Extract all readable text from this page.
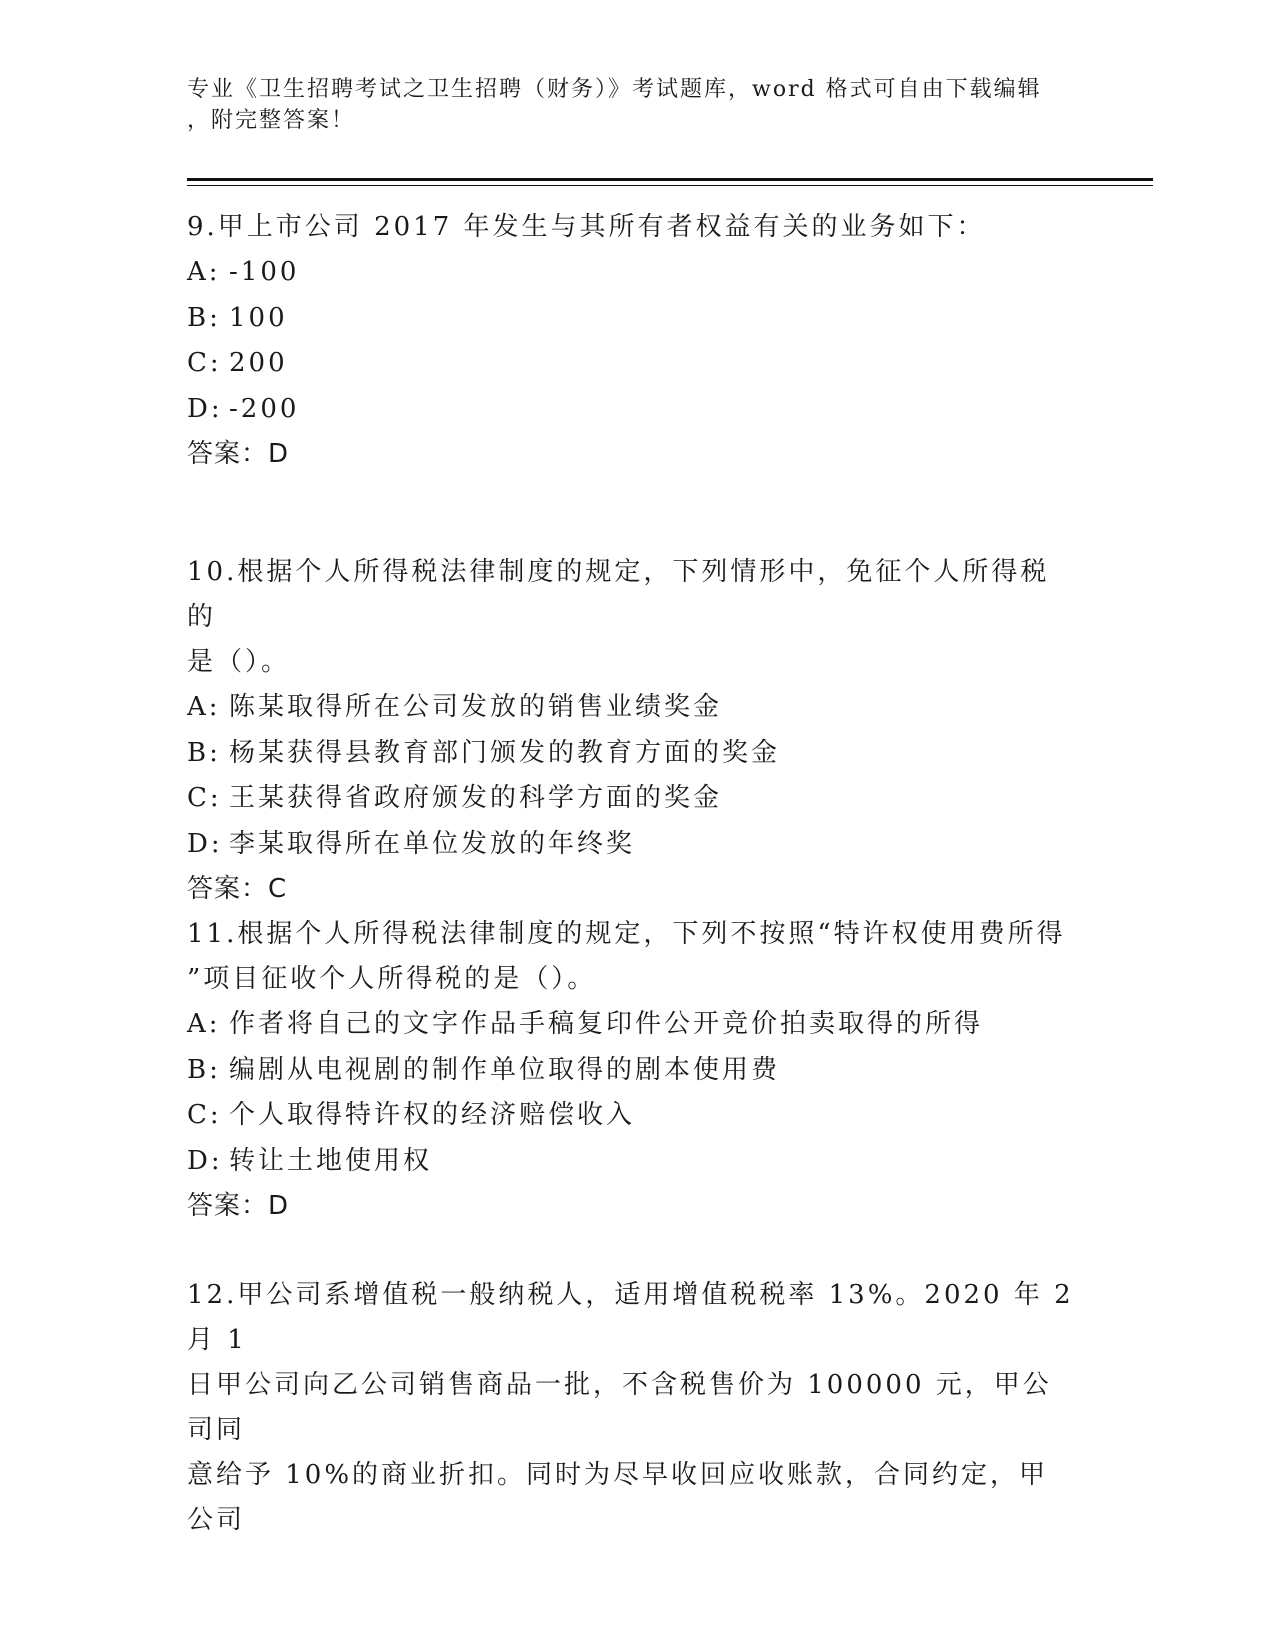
专业《卫生招聘考试之卫生招聘（财务）》考试题库，word 格式可自由下载编辑
，附完整答案！

9.甲上市公司 2017 年发生与其所有者权益有关的业务如下：

A: -100

B: 100

C: 200

D: -200

答案：D

10.根据个人所得税法律制度的规定，下列情形中，免征个人所得税的

是（）。

A: 陈某取得所在公司发放的销售业绩奖金

B: 杨某获得县教育部门颁发的教育方面的奖金

C: 王某获得省政府颁发的科学方面的奖金

D: 李某取得所在单位发放的年终奖

答案：C

11.根据个人所得税法律制度的规定，下列不按照“特许权使用费所得

”项目征收个人所得税的是（）。

A: 作者将自己的文字作品手稿复印件公开竞价拍卖取得的所得

B: 编剧从电视剧的制作单位取得的剧本使用费

C: 个人取得特许权的经济赔偿收入

D: 转让土地使用权

答案：D

12.甲公司系增值税一般纳税人，适用增值税税率 13%。2020 年 2 月 1

日甲公司向乙公司销售商品一批，不含税售价为 100000 元，甲公司同

意给予 10%的商业折扣。同时为尽早收回应收账款，合同约定，甲公司
